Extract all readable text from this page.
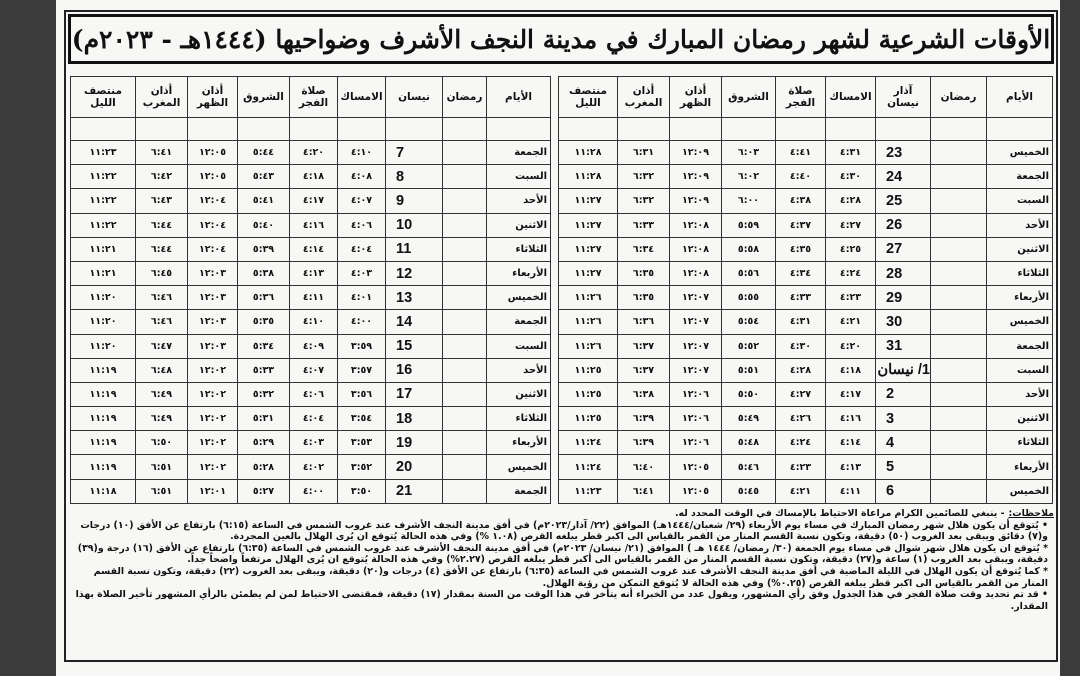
الأوقات الشرعية لشهر رمضان المبارك في مدينة النجف الأشرف وضواحيها (١٤٤٤هـ - ٢٠٢٣م)
الأيام	رمضان	آذار نيسان	الامساك	صلاة الفجر	الشروق	أذان الظهر	أذان المغرب	منتصف الليل

الخميس		23	٤:٣١	٤:٤١	٦:٠٣	١٢:٠٩	٦:٣١	١١:٢٨
الجمعة		24	٤:٣٠	٤:٤٠	٦:٠٢	١٢:٠٩	٦:٣٢	١١:٢٨
السبت		25	٤:٢٨	٤:٣٨	٦:٠٠	١٢:٠٩	٦:٣٢	١١:٢٧
الأحد		26	٤:٢٧	٤:٣٧	٥:٥٩	١٢:٠٨	٦:٣٣	١١:٢٧
الاثنين		27	٤:٢٥	٤:٣٥	٥:٥٨	١٢:٠٨	٦:٣٤	١١:٢٧
الثلاثاء		28	٤:٢٤	٤:٣٤	٥:٥٦	١٢:٠٨	٦:٣٥	١١:٢٧
الأربعاء		29	٤:٢٣	٤:٣٣	٥:٥٥	١٢:٠٧	٦:٣٥	١١:٢٦
الخميس		30	٤:٢١	٤:٣١	٥:٥٤	١٢:٠٧	٦:٣٦	١١:٢٦
الجمعة		31	٤:٢٠	٤:٣٠	٥:٥٢	١٢:٠٧	٦:٣٧	١١:٢٦
السبت		1/ نيسان	٤:١٨	٤:٢٨	٥:٥١	١٢:٠٧	٦:٣٧	١١:٢٥
الأحد		2	٤:١٧	٤:٢٧	٥:٥٠	١٢:٠٦	٦:٣٨	١١:٢٥
الاثنين		3	٤:١٦	٤:٢٦	٥:٤٩	١٢:٠٦	٦:٣٩	١١:٢٥
الثلاثاء		4	٤:١٤	٤:٢٤	٥:٤٨	١٢:٠٦	٦:٣٩	١١:٢٤
الأربعاء		5	٤:١٣	٤:٢٣	٥:٤٦	١٢:٠٥	٦:٤٠	١١:٢٤
الخميس		6	٤:١١	٤:٢١	٥:٤٥	١٢:٠٥	٦:٤١	١١:٢٣
الأيام	رمضان	نيسان	الامساك	صلاة الفجر	الشروق	أذان الظهر	أذان المغرب	منتصف الليل

الجمعة		7	٤:١٠	٤:٢٠	٥:٤٤	١٢:٠٥	٦:٤١	١١:٢٣
السبت		8	٤:٠٨	٤:١٨	٥:٤٣	١٢:٠٥	٦:٤٢	١١:٢٢
الأحد		9	٤:٠٧	٤:١٧	٥:٤١	١٢:٠٤	٦:٤٣	١١:٢٢
الاثنين		10	٤:٠٦	٤:١٦	٥:٤٠	١٢:٠٤	٦:٤٤	١١:٢٢
الثلاثاء		11	٤:٠٤	٤:١٤	٥:٣٩	١٢:٠٤	٦:٤٤	١١:٢١
الأربعاء		12	٤:٠٣	٤:١٣	٥:٣٨	١٢:٠٣	٦:٤٥	١١:٢١
الخميس		13	٤:٠١	٤:١١	٥:٣٦	١٢:٠٣	٦:٤٦	١١:٢٠
الجمعة		14	٤:٠٠	٤:١٠	٥:٣٥	١٢:٠٣	٦:٤٦	١١:٢٠
السبت		15	٣:٥٩	٤:٠٩	٥:٣٤	١٢:٠٣	٦:٤٧	١١:٢٠
الأحد		16	٣:٥٧	٤:٠٧	٥:٣٣	١٢:٠٢	٦:٤٨	١١:١٩
الاثنين		17	٣:٥٦	٤:٠٦	٥:٣٢	١٢:٠٢	٦:٤٩	١١:١٩
الثلاثاء		18	٣:٥٤	٤:٠٤	٥:٣١	١٢:٠٢	٦:٤٩	١١:١٩
الأربعاء		19	٣:٥٣	٤:٠٣	٥:٢٩	١٢:٠٢	٦:٥٠	١١:١٩
الخميس		20	٣:٥٢	٤:٠٢	٥:٢٨	١٢:٠٢	٦:٥١	١١:١٩
الجمعة		21	٣:٥٠	٤:٠٠	٥:٢٧	١٢:٠١	٦:٥١	١١:١٨

ملاحظات:- ينبغي للصائمين الكرام مراعاة الاحتياط بالإمساك في الوقت المحدد له.

• يُتوقع أن يكون هلال شهر رمضان المبارك في مساء يوم الأربعاء (٢٩/ شعبان/١٤٤٤هـ) الموافق (٢٢/ آذار/٢٠٢٣م) في أفق مدينة النجف الأشرف عند غروب الشمس في الساعة (٦:١٥) بارتفاع عن الأفق (١٠) درجات و(٧) دقائق ويبقى بعد الغروب (٥٠) دقيقة، وتكون نسبة القسم المنار من القمر بالقياس الى اكبر قطر يبلغه القرص (١.٠٨ %) وفي هذه الحالة يُتوقع ان يُرى الهلال بالعين المجردة.

* يُتوقع ان يكون هلال شهر شوال في مساء يوم الجمعة (٣٠/ رمضان/ ١٤٤٤ هـ ) الموافق (٢١/ نيسان/ ٢٠٢٣م) في أفق مدينة النجف الأشرف عند غروب الشمس في الساعة (٦:٣٥) بارتفاع عن الأفق (١٦) درجة و(٣٩) دقيقة، ويبقى بعد الغروب (١) ساعة و(٢٧) دقيقة، وتكون نسبة القسم المنار من القمر بالقياس الى أكبر قطر يبلغه القرص (٢.٢٧%) وفي هذه الحالة يُتوقع ان يُرى الهلال مرتفعاً واضحاً جداً.

* كما يُتوقع أن يكون الهلال في الليلة الماضية في أفق مدينة النجف الأشرف عند غروب الشمس في الساعة (٦:٣٥) بارتفاع عن الأفق (٤) درجات و(٢٠) دقيقة، ويبقى بعد الغروب (٢٢) دقيقة، وتكون نسبة القسم المنار من القمر بالقياس الى اكبر قطر يبلغه القرص (٠.٢٥%) وفي هذه الحالة لا يُتوقع التمكن من رؤية الهلال.

• قد تم تحديد وقت صلاة الفجر في هذا الجدول وفق رأي المشهور، ويقول عدد من الخبراء أنه يتأخر في هذا الوقت من السنة بمقدار (١٧) دقيقة، فمقتضى الاحتياط لمن لم يطمئن بالرأي المشهور تأخير الصلاة بهذا المقدار.
